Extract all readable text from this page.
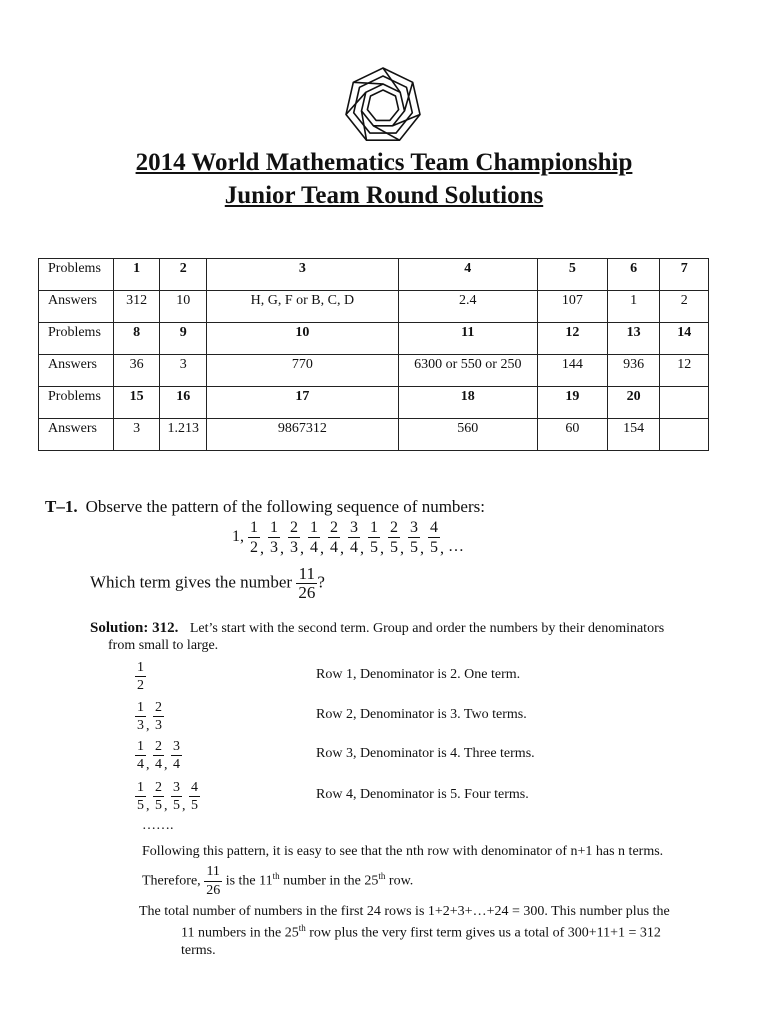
2014 World Mathematics Team Championship
Junior Team Round Solutions
Problems	1	2	3	4	5	6	7
Answers	312	10	H, G, F or B, C, D	2.4	107	1	2
Problems	8	9	10	11	12	13	14
Answers	36	3	770	6300 or 550 or 250	144	936	12
Problems	15	16	17	18	19	20	
Answers	3	1.213	9867312	560	60	154	
T–1. Observe the pattern of the following sequence of numbers:
1, $\frac{1}{2}$ , $\frac{1}{3}$ , $\frac{2}{3}$ , $\frac{1}{4}$ , $\frac{2}{4}$ , $\frac{3}{4}$ , $\frac{1}{5}$ , $\frac{2}{5}$ , $\frac{3}{5}$ , $\frac{4}{5}$ , …
Which term gives the number $\frac{11}{26}$ ?
Solution: 312. Let’s start with the second term. Group and order the numbers by their denominators
from small to large.
$\frac{1}{2}$	Row 1, Denominator is 2. One term.
$\frac{1}{3}$ , $\frac{2}{3}$	Row 2, Denominator is 3. Two terms.
$\frac{1}{4}$ , $\frac{2}{4}$ , $\frac{3}{4}$	Row 3, Denominator is 4. Three terms.
$\frac{1}{5}$ , $\frac{2}{5}$ , $\frac{3}{5}$ , $\frac{4}{5}$	Row 4, Denominator is 5. Four terms.
…….
Following this pattern, it is easy to see that the nth row with denominator of n+1 has n terms.
Therefore, $\frac{11}{26}$ is the 11th number in the 25th row.
The total number of numbers in the first 24 rows is 1+2+3+…+24 = 300. This number plus the
11 numbers in the 25th row plus the very first term gives us a total of 300+11+1 = 312
terms.
